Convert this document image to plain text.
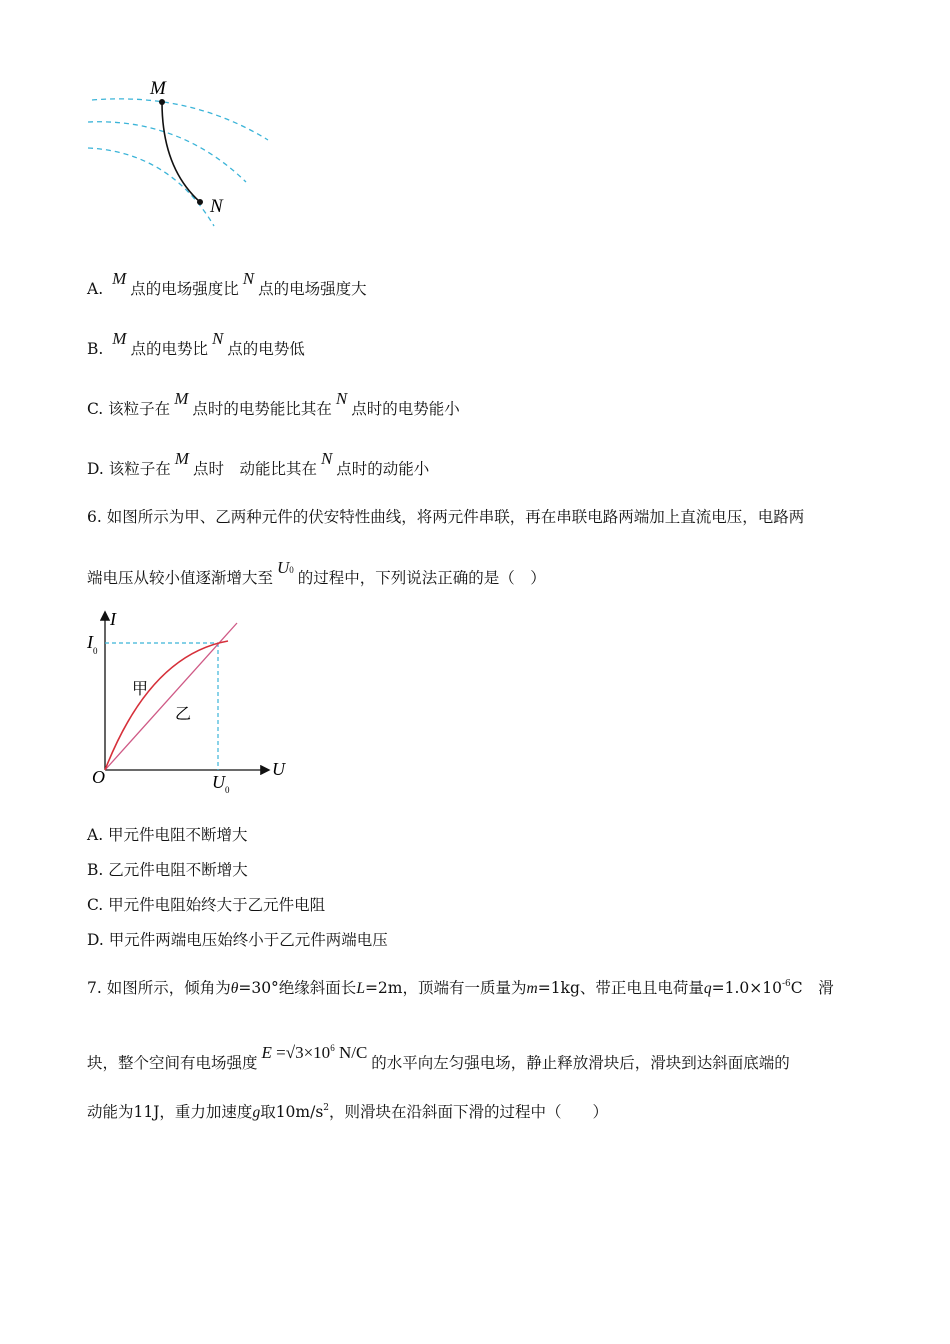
M
N
A. M点的电场强度比N点的电场强度大
B. M点的电势比N点的电势低
C. 该粒子在M点时的电势能比其在N点时的电势能小
D. 该粒子在M点时　动能比其在N点时的动能小
6. 如图所示为甲、乙两种元件的伏安特性曲线，将两元件串联，再在串联电路两端加上直流电压，电路两
端电压从较小值逐渐增大至U0 的过程中，下列说法正确的是（　）
I
U
O
$I_0$
$U_0$
甲
乙
A. 甲元件电阻不断增大
B. 乙元件电阻不断增大
C. 甲元件电阻始终大于乙元件电阻
D. 甲元件两端电压始终小于乙元件两端电压
7. 如图所示，倾角为θ=30°绝缘斜面长L=2m，顶端有一质量为m=1kg、带正电且电荷量$q=1.0\times 10^{-6}C$　滑
块，整个空间有电场强度$E =√3\times 10^6$ N/C的水平向左匀强电场，静止释放滑块后，滑块到达斜面底端的
动能为11J，重力加速度g取$10m/s^2$，则滑块在沿斜面下滑的过程中（　　）
